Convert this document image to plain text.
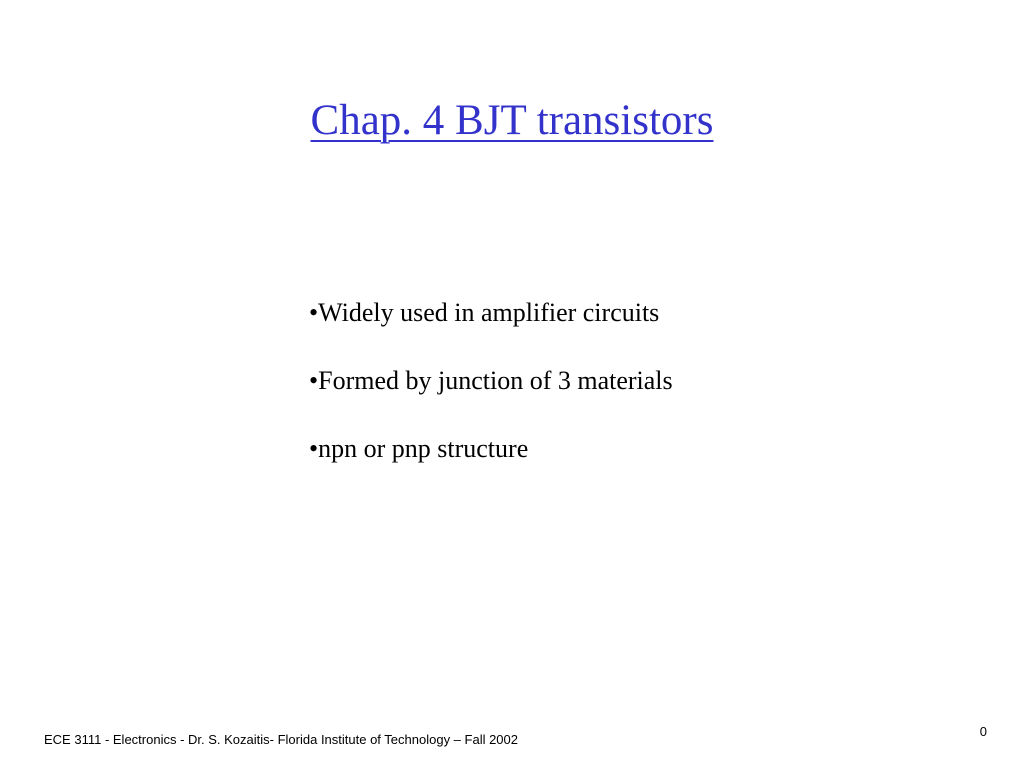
Chap. 4 BJT transistors
•Widely used in amplifier circuits
•Formed by junction of 3 materials
•npn or pnp structure
ECE 3111 - Electronics - Dr. S. Kozaitis- Florida Institute of Technology – Fall 2002
0
